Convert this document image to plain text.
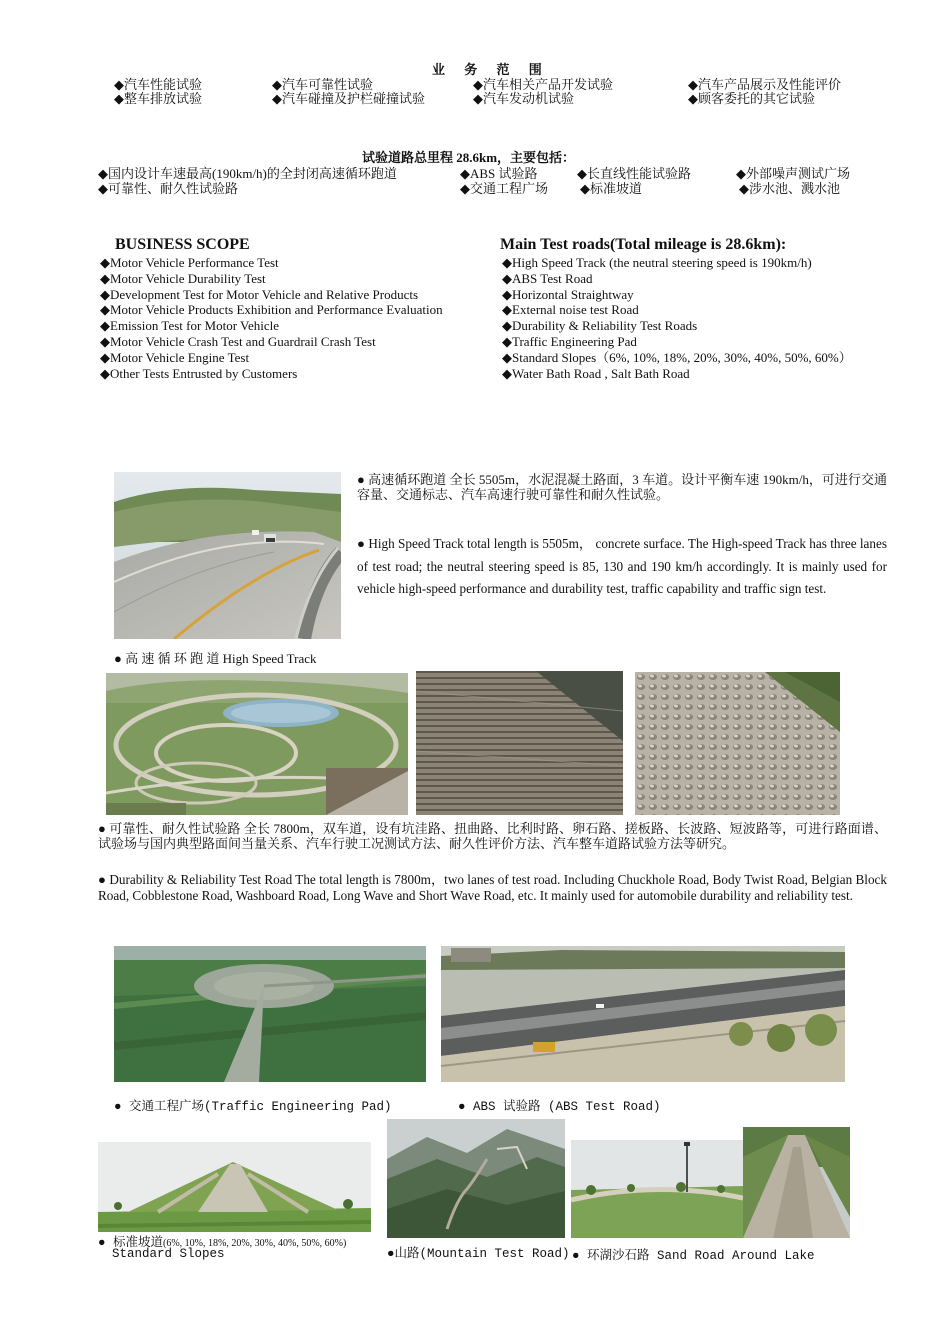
业 务 范 围
◆汽车性能试验	◆汽车可靠性试验	◆汽车相关产品开发试验	◆汽车产品展示及性能评价
◆整车排放试验	◆汽车碰撞及护栏碰撞试验	◆汽车发动机试验	◆顾客委托的其它试验
试验道路总里程 28.6km，主要包括：
◆国内设计车速最高(190km/h)的全封闭高速循环跑道	◆ABS 试验路	◆长直线性能试验路	◆外部噪声测试广场
◆可靠性、耐久性试验路	◆交通工程广场 ◆标准坡道	◆涉水池、溅水池
BUSINESS SCOPE
◆Motor Vehicle Performance Test
◆Motor Vehicle Durability Test
◆Development Test for Motor Vehicle and Relative Products
◆Motor Vehicle Products Exhibition and Performance Evaluation
◆Emission Test for Motor Vehicle
◆Motor Vehicle Crash Test and Guardrail Crash Test
◆Motor Vehicle Engine Test
◆Other Tests Entrusted by Customers
Main Test roads(Total mileage is 28.6km):
◆High Speed Track (the neutral steering speed is 190km/h)
◆ABS Test Road
◆Horizontal Straightway
◆External noise test Road
◆Durability & Reliability Test Roads
◆Traffic Engineering Pad
◆Standard Slopes（6%, 10%, 18%, 20%, 30%, 40%, 50%, 60%）
◆Water Bath Road , Salt Bath Road
● 高速循环跑道 全长 5505m，水泥混凝土路面，3 车道。设计平衡车速 190km/h，可进行交通容量、交通标志、汽车高速行驶可靠性和耐久性试验。
● High Speed Track total length is 5505m， concrete surface. The High-speed Track has three lanes of test road; the neutral steering speed is 85, 130 and 190 km/h accordingly. It is mainly used for vehicle high-speed performance and durability test, traffic capability and traffic sign test.
● 高 速 循 环 跑 道 High Speed Track
● 可靠性、耐久性试验路 全长 7800m，双车道，设有坑洼路、扭曲路、比利时路、卵石路、搓板路、长波路、短波路等，可进行路面谱、试验场与国内典型路面间当量关系、汽车行驶工况测试方法、耐久性评价方法、汽车整车道路试验方法等研究。
● Durability & Reliability Test Road The total length is 7800m，two lanes of test road. Including Chuckhole Road, Body Twist Road, Belgian Block Road, Cobblestone Road, Washboard Road, Long Wave and Short Wave Road, etc. It mainly used for automobile durability and reliability test.
● 交通工程广场(Traffic Engineering Pad)	● ABS 试验路 (ABS Test Road)
● 标准坡道(6%, 10%, 18%, 20%, 30%, 40%, 50%, 60%)
Standard Slopes	●山路(Mountain Test Road) ● 环湖沙石路 Sand Road Around Lake
